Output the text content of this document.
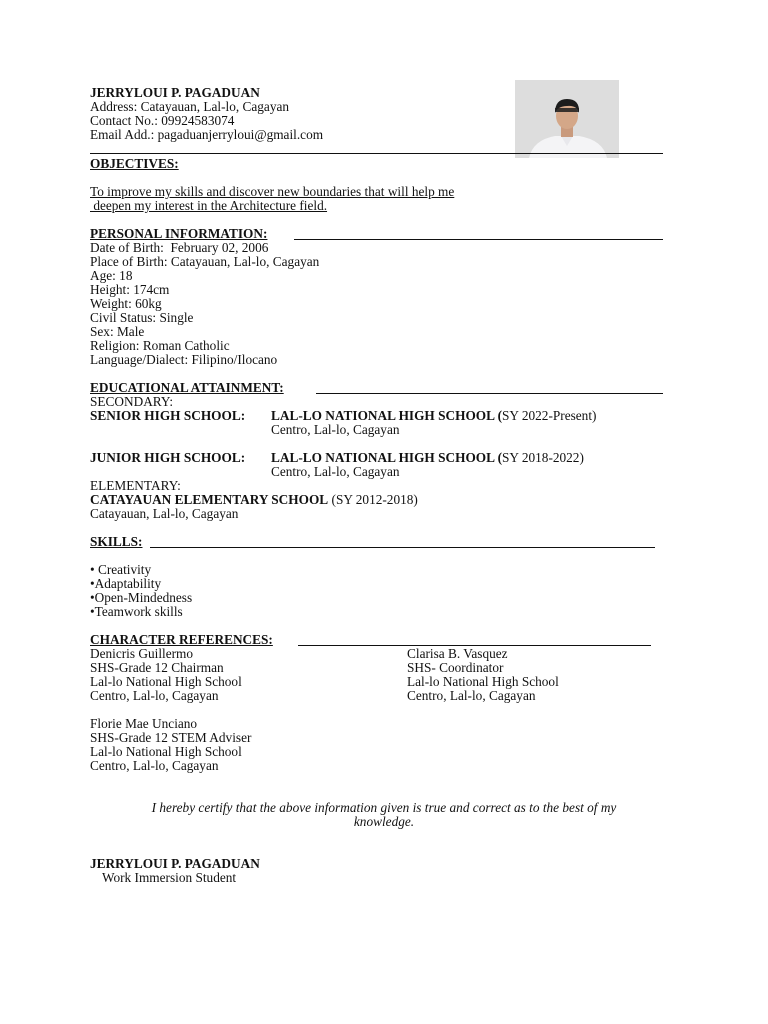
JERRYLOUI P. PAGADUAN
Address: Catayauan, Lal-lo, Cagayan
Contact No.: 09924583074
Email Add.: pagaduanjerryloui@gmail.com
OBJECTIVES:
To improve my skills and discover new boundaries that will help me
deepen my interest in the Architecture field.
PERSONAL INFORMATION:
Date of Birth:  February 02, 2006
Place of Birth: Catayauan, Lal-lo, Cagayan
Age: 18
Height: 174cm
Weight: 60kg
Civil Status: Single
Sex: Male
Religion: Roman Catholic
Language/Dialect: Filipino/Ilocano
EDUCATIONAL ATTAINMENT:
SECONDARY:
SENIOR HIGH SCHOOL: LAL-LO NATIONAL HIGH SCHOOL (SY 2022-Present)
Centro, Lal-lo, Cagayan
JUNIOR HIGH SCHOOL: LAL-LO NATIONAL HIGH SCHOOL (SY 2018-2022)
Centro, Lal-lo, Cagayan
ELEMENTARY:
CATAYAUAN ELEMENTARY SCHOOL (SY 2012-2018)
Catayauan, Lal-lo, Cagayan
SKILLS:
• Creativity
•Adaptability
•Open-Mindedness
•Teamwork skills
CHARACTER REFERENCES:
Denicris Guillermo
SHS-Grade 12 Chairman
Lal-lo National High School
Centro, Lal-lo, Cagayan
Clarisa B. Vasquez
SHS- Coordinator
Lal-lo National High School
Centro, Lal-lo, Cagayan
Florie Mae Unciano
SHS-Grade 12 STEM Adviser
Lal-lo National High School
Centro, Lal-lo, Cagayan
I hereby certify that the above information given is true and correct as to the best of my
knowledge.
JERRYLOUI P. PAGADUAN
Work Immersion Student
